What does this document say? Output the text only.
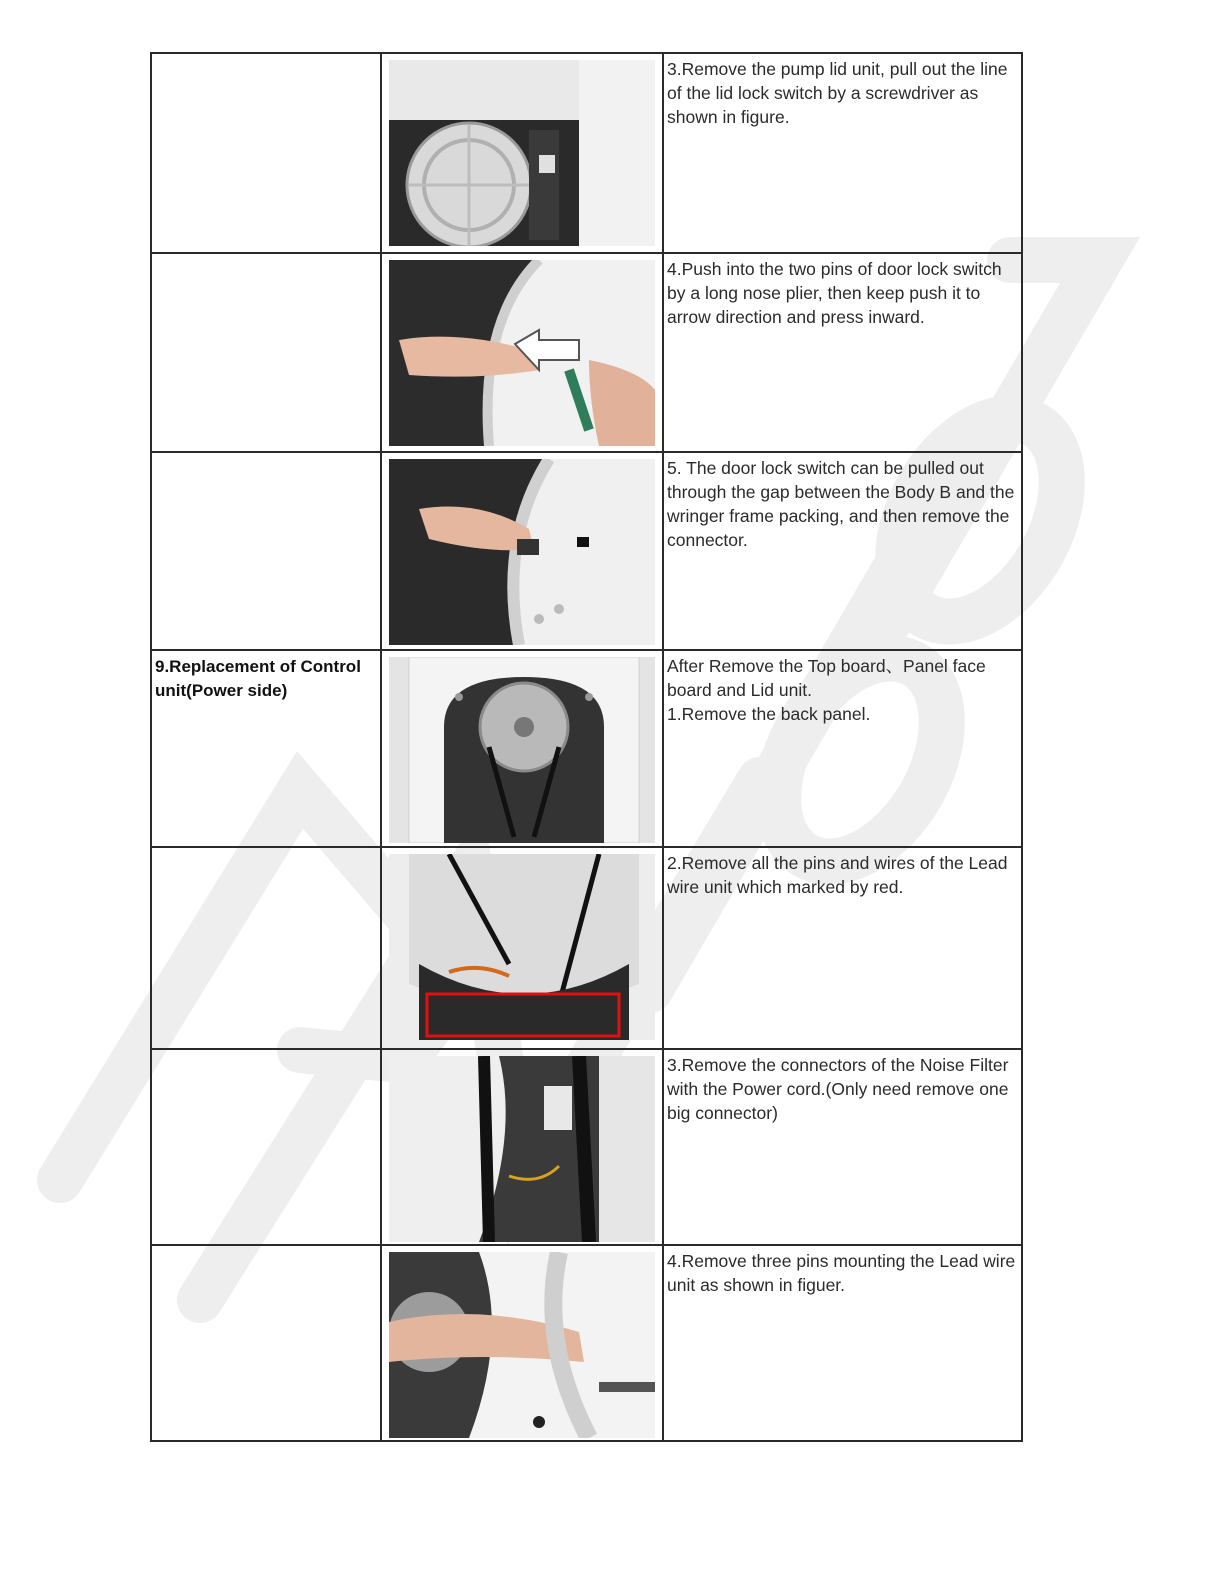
3.Remove the pump lid unit, pull out the line of the lid lock switch by a screwdriver as shown in figure.

4.Push into the two pins of door lock switch by a long nose plier, then keep push it to arrow direction and press inward.

5. The door lock switch can be pulled out through the gap between the Body B and the wringer frame packing, and then remove the connector.

9.Replacement of Control unit(Power side)		After Remove the Top board、Panel face board and Lid unit.
1.Remove the back panel.

2.Remove all the pins and wires of the Lead wire unit which marked by red.

3.Remove the connectors of the Noise Filter with the Power cord.(Only need remove one big connector)

4.Remove three pins mounting the Lead wire unit as shown in figuer.
